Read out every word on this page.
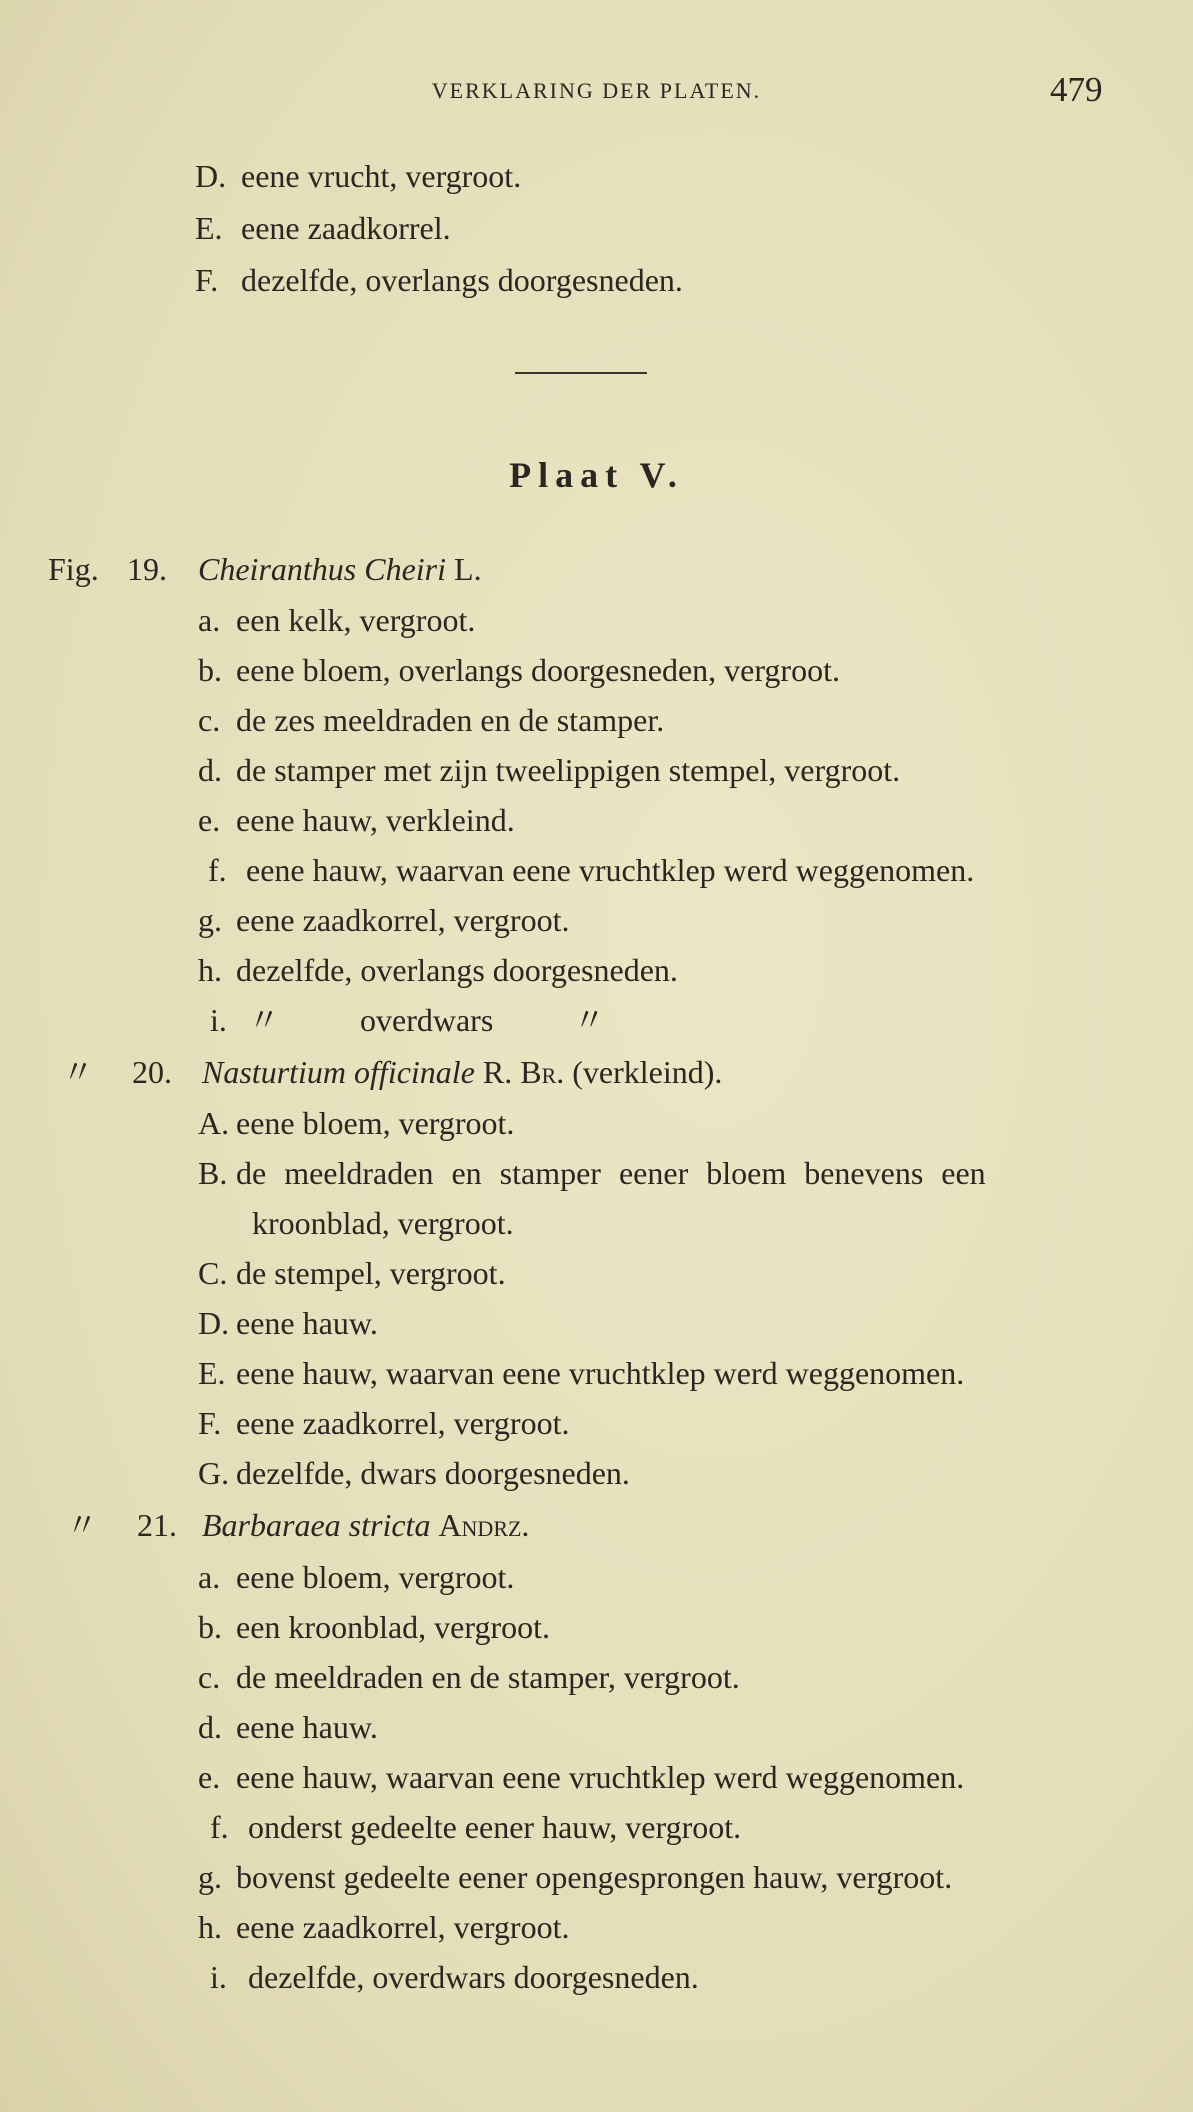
VERKLARING DER PLATEN.	479
D. eene vrucht, vergroot.
E. eene zaadkorrel.
F. dezelfde, overlangs doorgesneden.
Plaat V.
Fig. 19. Cheiranthus Cheiri L.
a. een kelk, vergroot.
b. eene bloem, overlangs doorgesneden, vergroot.
c. de zes meeldraden en de stamper.
d. de stamper met zijn tweelippigen stempel, vergroot.
e. eene hauw, verkleind.
f. eene hauw, waarvan eene vruchtklep werd weggenomen.
g. eene zaadkorrel, vergroot.
h. dezelfde, overlangs doorgesneden.
i. 〃          overdwars          〃
〃 20. Nasturtium officinale R. Br. (verkleind).
A. eene bloem, vergroot.
B. de meeldraden en stamper eener bloem benevens een
kroonblad, vergroot.
C. de stempel, vergroot.
D. eene hauw.
E. eene hauw, waarvan eene vruchtklep werd weggenomen.
F. eene zaadkorrel, vergroot.
G. dezelfde, dwars doorgesneden.
〃 21. Barbaraea stricta Andrz.
a. eene bloem, vergroot.
b. een kroonblad, vergroot.
c. de meeldraden en de stamper, vergroot.
d. eene hauw.
e. eene hauw, waarvan eene vruchtklep werd weggenomen.
f. onderst gedeelte eener hauw, vergroot.
g. bovenst gedeelte eener opengesprongen hauw, vergroot.
h. eene zaadkorrel, vergroot.
i. dezelfde, overdwars doorgesneden.
